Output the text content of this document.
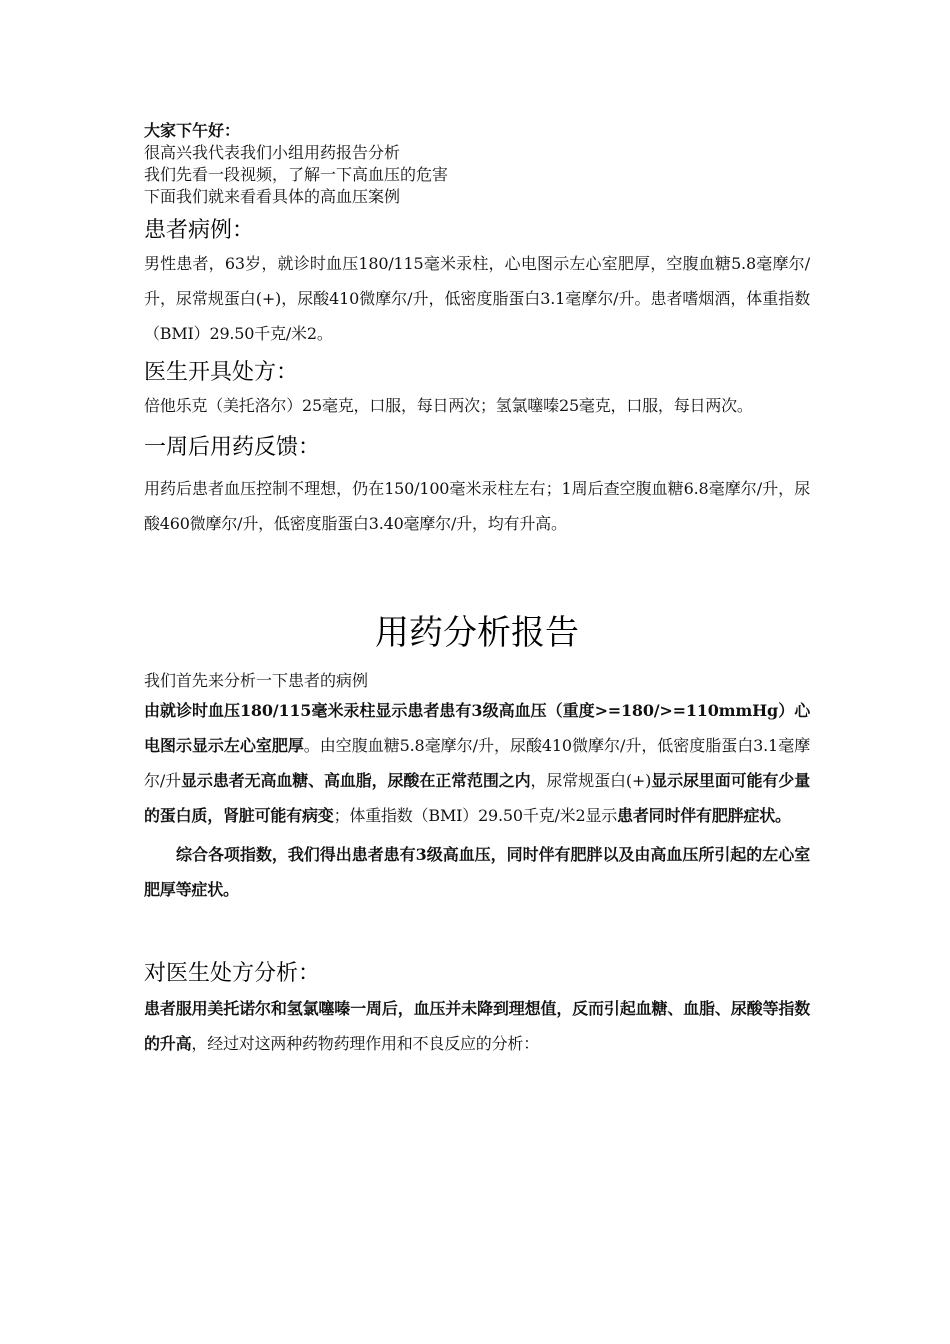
大家下午好：

很高兴我代表我们小组用药报告分析

我们先看一段视频，了解一下高血压的危害

下面我们就来看看具体的高血压案例

患者病例：

男性患者，63岁，就诊时血压180/115毫米汞柱，心电图示左心室肥厚，空腹血糖5.8毫摩尔/升，尿常规蛋白(+)，尿酸410微摩尔/升，低密度脂蛋白3.1毫摩尔/升。患者嗜烟酒，体重指数（BMI）29.50千克/米2。

医生开具处方：

倍他乐克（美托洛尔）25毫克，口服，每日两次；氢氯噻嗪25毫克，口服，每日两次。

一周后用药反馈：

用药后患者血压控制不理想，仍在150/100毫米汞柱左右；1周后查空腹血糖6.8毫摩尔/升，尿酸460微摩尔/升，低密度脂蛋白3.40毫摩尔/升，均有升高。

用药分析报告

我们首先来分析一下患者的病例

由就诊时血压180/115毫米汞柱显示患者患有3级高血压（重度>=180/>=110mmHg）心电图示显示左心室肥厚。由空腹血糖5.8毫摩尔/升，尿酸410微摩尔/升，低密度脂蛋白3.1毫摩尔/升显示患者无高血糖、高血脂，尿酸在正常范围之内，尿常规蛋白(+)显示尿里面可能有少量的蛋白质，肾脏可能有病变；体重指数（BMI）29.50千克/米2显示患者同时伴有肥胖症状。

综合各项指数，我们得出患者患有3级高血压，同时伴有肥胖以及由高血压所引起的左心室肥厚等症状。

对医生处方分析：

患者服用美托诺尔和氢氯噻嗪一周后，血压并未降到理想值，反而引起血糖、血脂、尿酸等指数的升高，经过对这两种药物药理作用和不良反应的分析：
